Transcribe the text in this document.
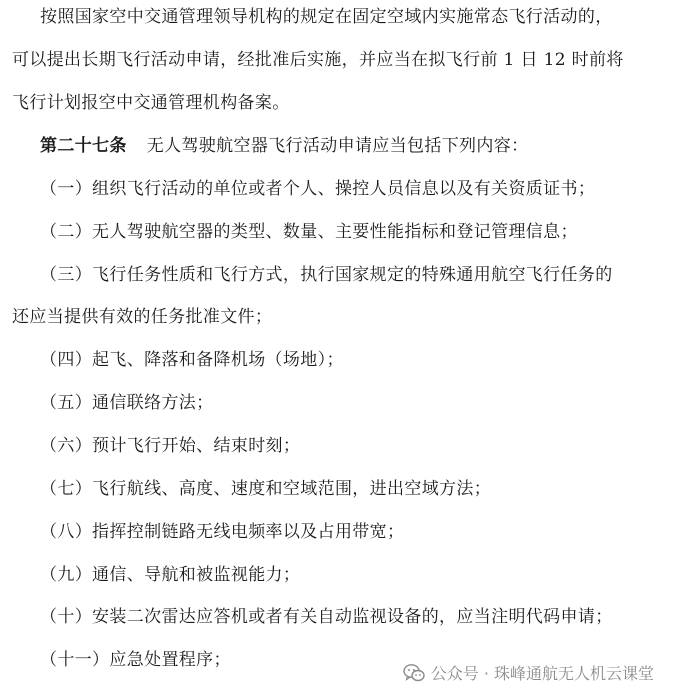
按照国家空中交通管理领导机构的规定在固定空域内实施常态飞行活动的，
可以提出长期飞行活动申请，经批准后实施，并应当在拟飞行前 1 日 12 时前将
飞行计划报空中交通管理机构备案。
第二十七条 无人驾驶航空器飞行活动申请应当包括下列内容：
（一）组织飞行活动的单位或者个人、操控人员信息以及有关资质证书；
（二）无人驾驶航空器的类型、数量、主要性能指标和登记管理信息；
（三）飞行任务性质和飞行方式，执行国家规定的特殊通用航空飞行任务的
还应当提供有效的任务批准文件；
（四）起飞、降落和备降机场（场地）；
（五）通信联络方法；
（六）预计飞行开始、结束时刻；
（七）飞行航线、高度、速度和空域范围，进出空域方法；
（八）指挥控制链路无线电频率以及占用带宽；
（九）通信、导航和被监视能力；
（十）安装二次雷达应答机或者有关自动监视设备的，应当注明代码申请；
（十一）应急处置程序；
公众号 · 珠峰通航无人机云课堂
